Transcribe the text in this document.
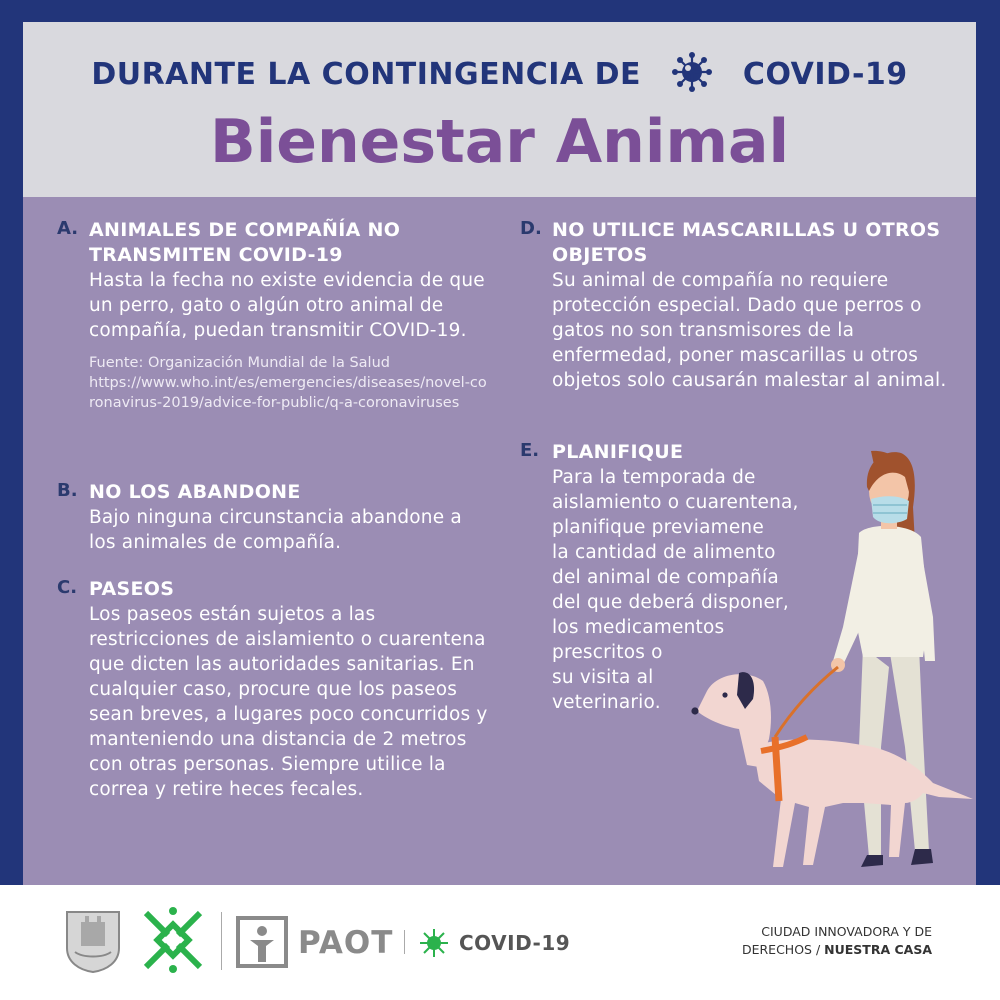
DURANTE LA CONTINGENCIA DE	COVID-19
Bienestar Animal
A. ANIMALES DE COMPAÑÍA NO TRANSMITEN COVID-19
Hasta la fecha no existe evidencia de que un perro, gato o algún otro animal de compañía, puedan transmitir COVID-19.
Fuente: Organización Mundial de la Salud
https://www.who.int/es/emergencies/diseases/novel-coronavirus-2019/advice-for-public/q-a-coronaviruses
B. NO LOS ABANDONE
Bajo ninguna circunstancia abandone a los animales de compañía.
C. PASEOS
Los paseos están sujetos a las restricciones de aislamiento o cuarentena que dicten las autoridades sanitarias. En cualquier caso, procure que los paseos sean breves, a lugares poco concurridos y manteniendo una distancia de 2 metros con otras personas. Siempre utilice la correa y retire heces fecales.
D. NO UTILICE MASCARILLAS U OTROS OBJETOS
Su animal de compañía no requiere protección especial. Dado que perros o gatos no son transmisores de la enfermedad, poner mascarillas u otros objetos solo causarán malestar al animal.
E. PLANIFIQUE
Para la temporada de
aislamiento o cuarentena,
planifique previamene
la cantidad de alimento
del animal de compañía
del que deberá disponer,
los medicamentos
prescritos o
su visita al
veterinario.
PAOT	COVID-19	CIUDAD INNOVADORA Y DE
DERECHOS / NUESTRA CASA
